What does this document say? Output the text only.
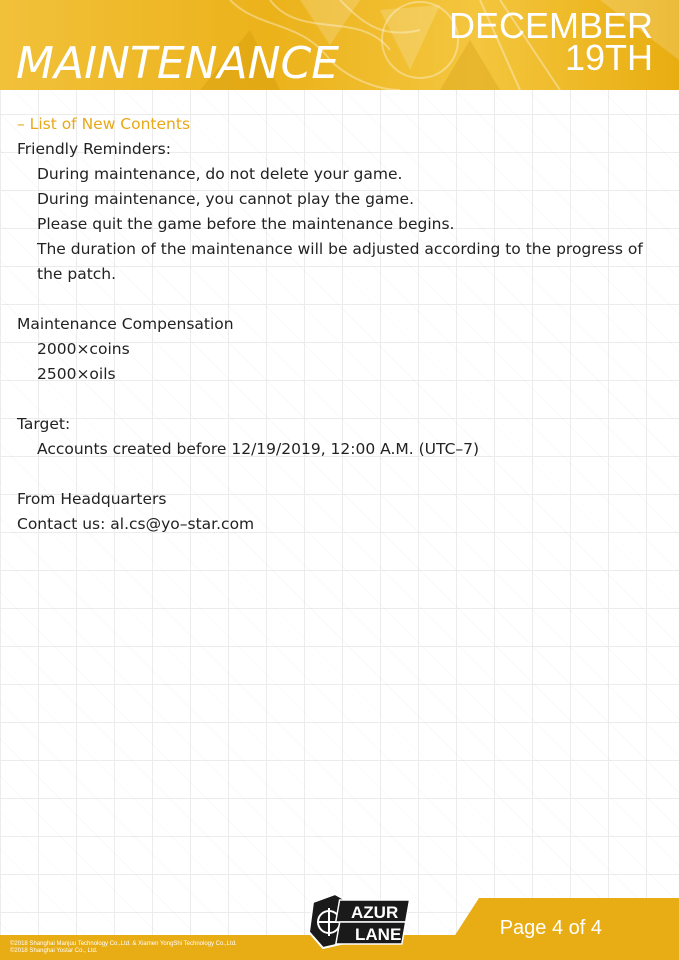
MAINTENANCE
DECEMBER
19TH

– List of New Contents

Friendly Reminders:

During maintenance, do not delete your game.

During maintenance, you cannot play the game.

Please quit the game before the maintenance begins.

The duration of the maintenance will be adjusted according to the progress of the patch.

Maintenance Compensation

2000×coins

2500×oils

Target:

Accounts created before 12/19/2019, 12:00 A.M. (UTC–7)

From Headquarters

Contact us: al.cs@yo–star.com

©2018 Shanghai Manjuu Technology Co.,Ltd. & Xiamen YongShi Technology Co.,Ltd.
©2018 Shanghai Yostar Co., Ltd.
AZUR
LANE	Page 4 of 4
